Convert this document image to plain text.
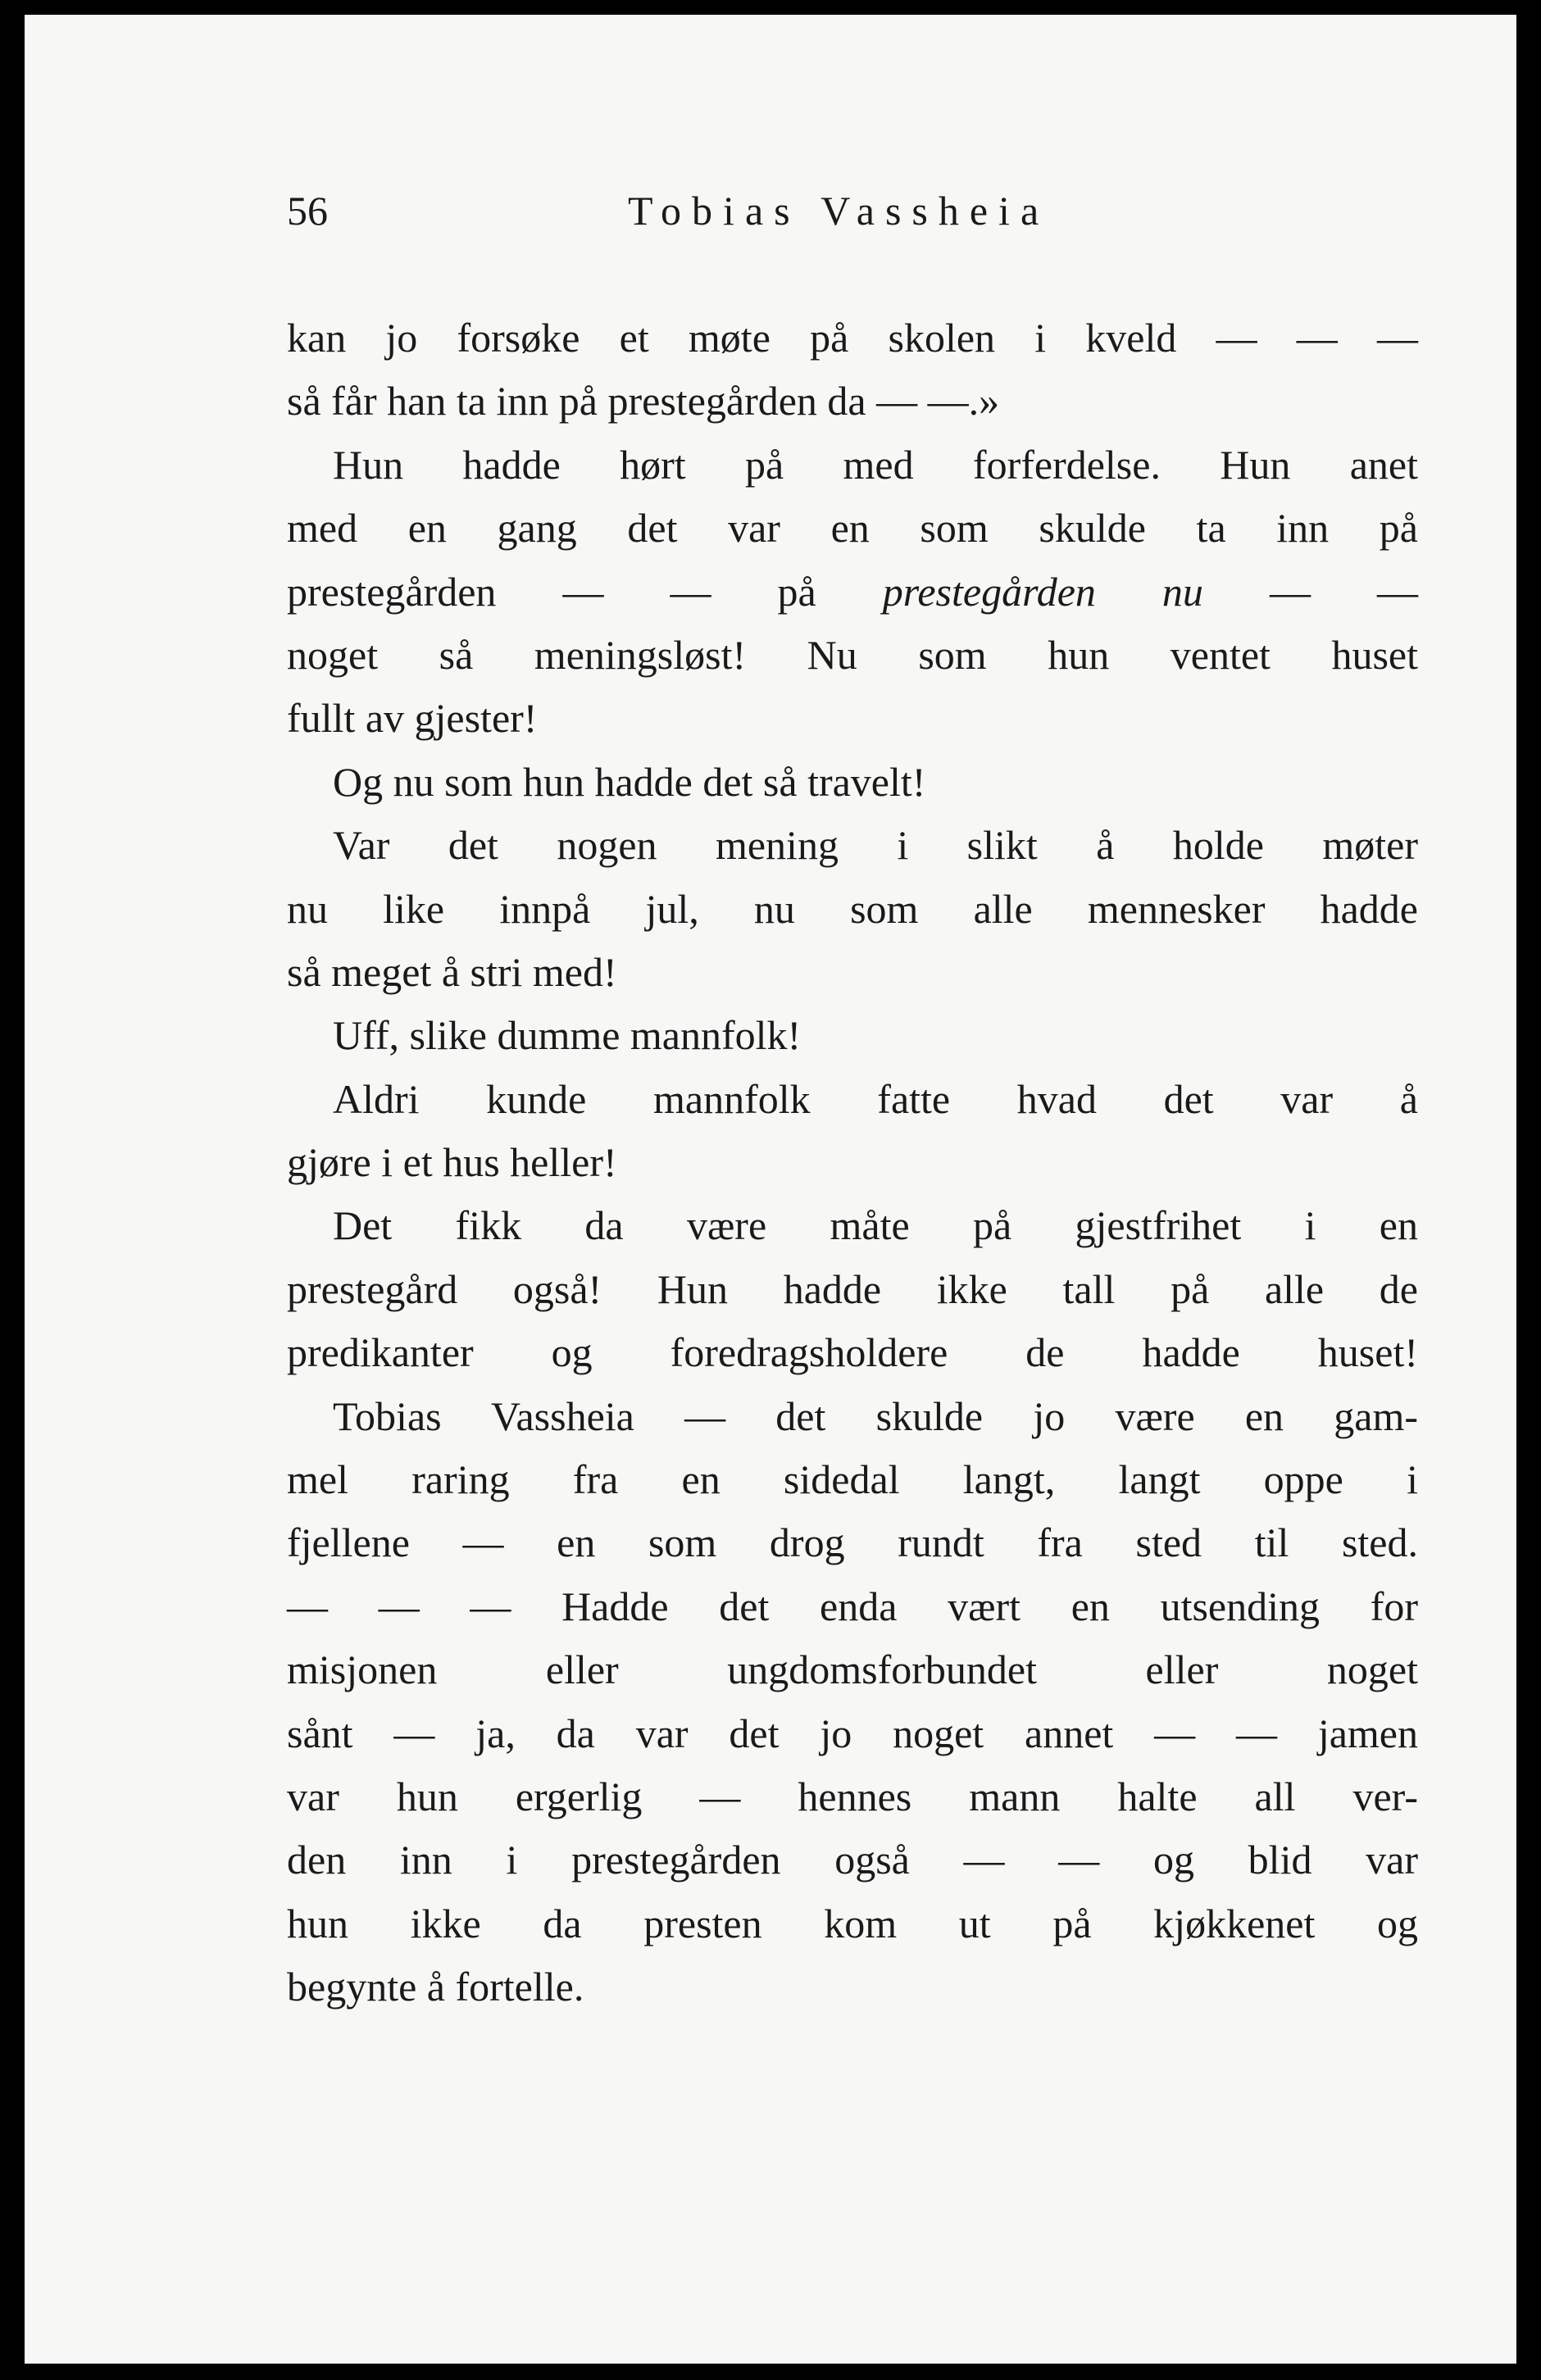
56	Tobias Vassheia
kan jo forsøke et møte på skolen i kveld — — —
så får han ta inn på prestegården da — —.»
Hun hadde hørt på med forferdelse. Hun anet
med en gang det var en som skulde ta inn på
prestegården — — på prestegården nu — —
noget så meningsløst! Nu som hun ventet huset
fullt av gjester!
Og nu som hun hadde det så travelt!
Var det nogen mening i slikt å holde møter
nu like innpå jul, nu som alle mennesker hadde
så meget å stri med!
Uff, slike dumme mannfolk!
Aldri kunde mannfolk fatte hvad det var å
gjøre i et hus heller!
Det fikk da være måte på gjestfrihet i en
prestegård også! Hun hadde ikke tall på alle de
predikanter og foredragsholdere de hadde huset!
Tobias Vassheia — det skulde jo være en gam-
mel raring fra en sidedal langt, langt oppe i
fjellene — en som drog rundt fra sted til sted.
— — — Hadde det enda vært en utsending for
misjonen eller ungdomsforbundet eller noget
sånt — ja, da var det jo noget annet — — jamen
var hun ergerlig — hennes mann halte all ver-
den inn i prestegården også — — og blid var
hun ikke da presten kom ut på kjøkkenet og
begynte å fortelle.
